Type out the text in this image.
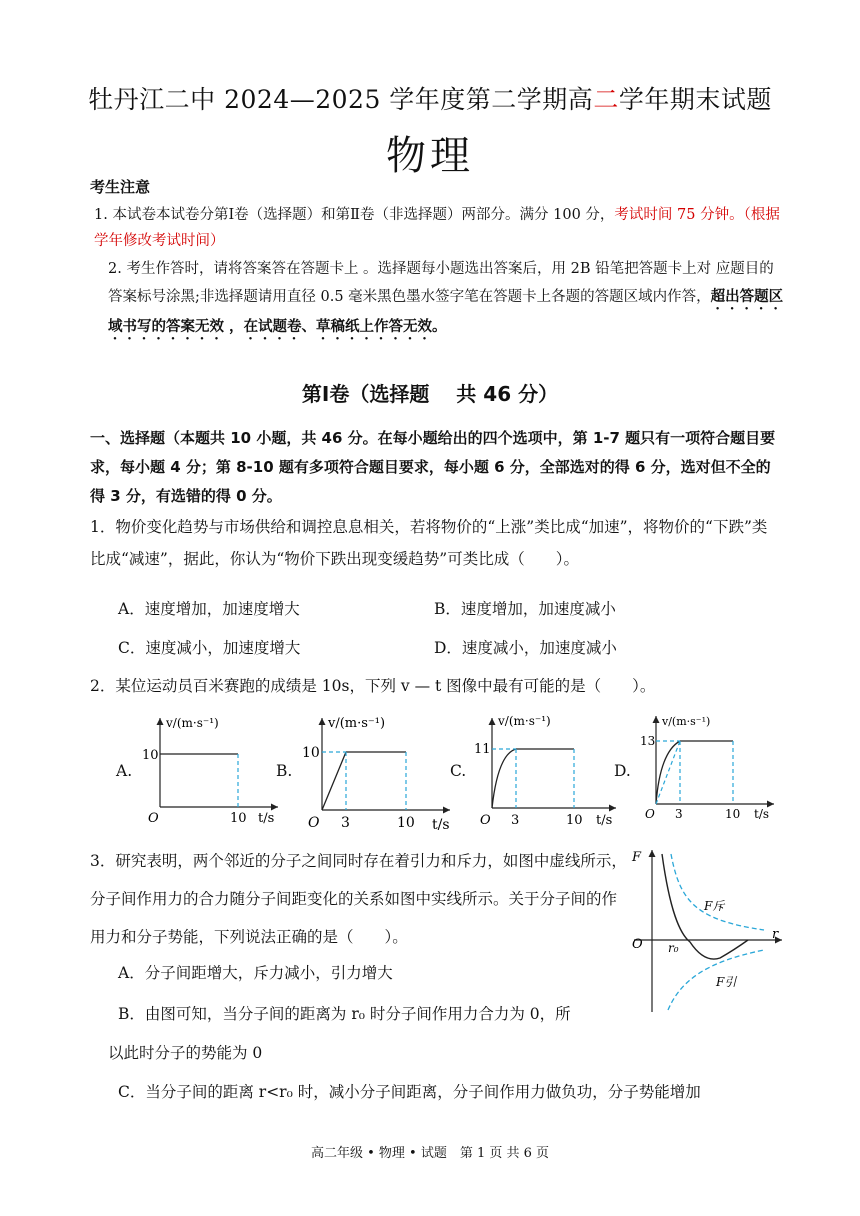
牡丹江二中 2024—2025 学年度第二学期高二学年期末试题
物理
考生注意
1. 本试卷本试卷分第Ⅰ卷（选择题）和第Ⅱ卷（非选择题）两部分。满分 100 分，考试时间 75 分钟。（根据学年修改考试时间）
2. 考生作答时，请将答案答在答题卡上 。选择题每小题选出答案后，用 2B 铅笔把答题卡上对 应题目的答案标号涂黑;非选择题请用直径 0.5 毫米黑色墨水签字笔在答题卡上各题的答题区域内作答，超出答题区域书写的答案无效 ，在试题卷、草稿纸上作答无效。
第Ⅰ卷（选择题　 共 46 分）
一、选择题（本题共 10 小题，共 46 分。在每小题给出的四个选项中，第 1-7 题只有一项符合题目要求，每小题 4 分；第 8-10 题有多项符合题目要求，每小题 6 分，全部选对的得 6 分，选对但不全的得 3 分，有选错的得 0 分。
1．物价变化趋势与市场供给和调控息息相关，若将物价的“上涨”类比成“加速”，将物价的“下跌”类比成“减速”，据此，你认为“物价下跌出现变缓趋势”可类比成（　　）。
A．速度增加，加速度增大	B．速度增加，加速度减小
C．速度减小，加速度增大	D．速度减小，加速度减小
2．某位运动员百米赛跑的成绩是 10s，下列 v — t 图像中最有可能的是（　　）。
A.	B.	C.	D.
v/(m·s⁻¹)
10
O	10 t/s
v/(m·s⁻¹)
10
O 3	10 t/s
v/(m·s⁻¹)
11
O 3	10 t/s
v/(m·s⁻¹)
13
O 3	10 t/s
3．研究表明，两个邻近的分子之间同时存在着引力和斥力，如图中虚线所示，分子间作用力的合力随分子间距变化的关系如图中实线所示。关于分子间的作用力和分子势能，下列说法正确的是（　　）。
A．分子间距增大，斥力减小，引力增大
B．由图可知，当分子间的距离为 r₀ 时分子间作用力合力为 0，所
以此时分子的势能为 0
C．当分子间的距离 r<r₀ 时，减小分子间距离，分子间作用力做负功，分子势能增加
F
r
O r₀
F斥
F引
高二年级 • 物理 • 试题　第 1 页 共 6 页
